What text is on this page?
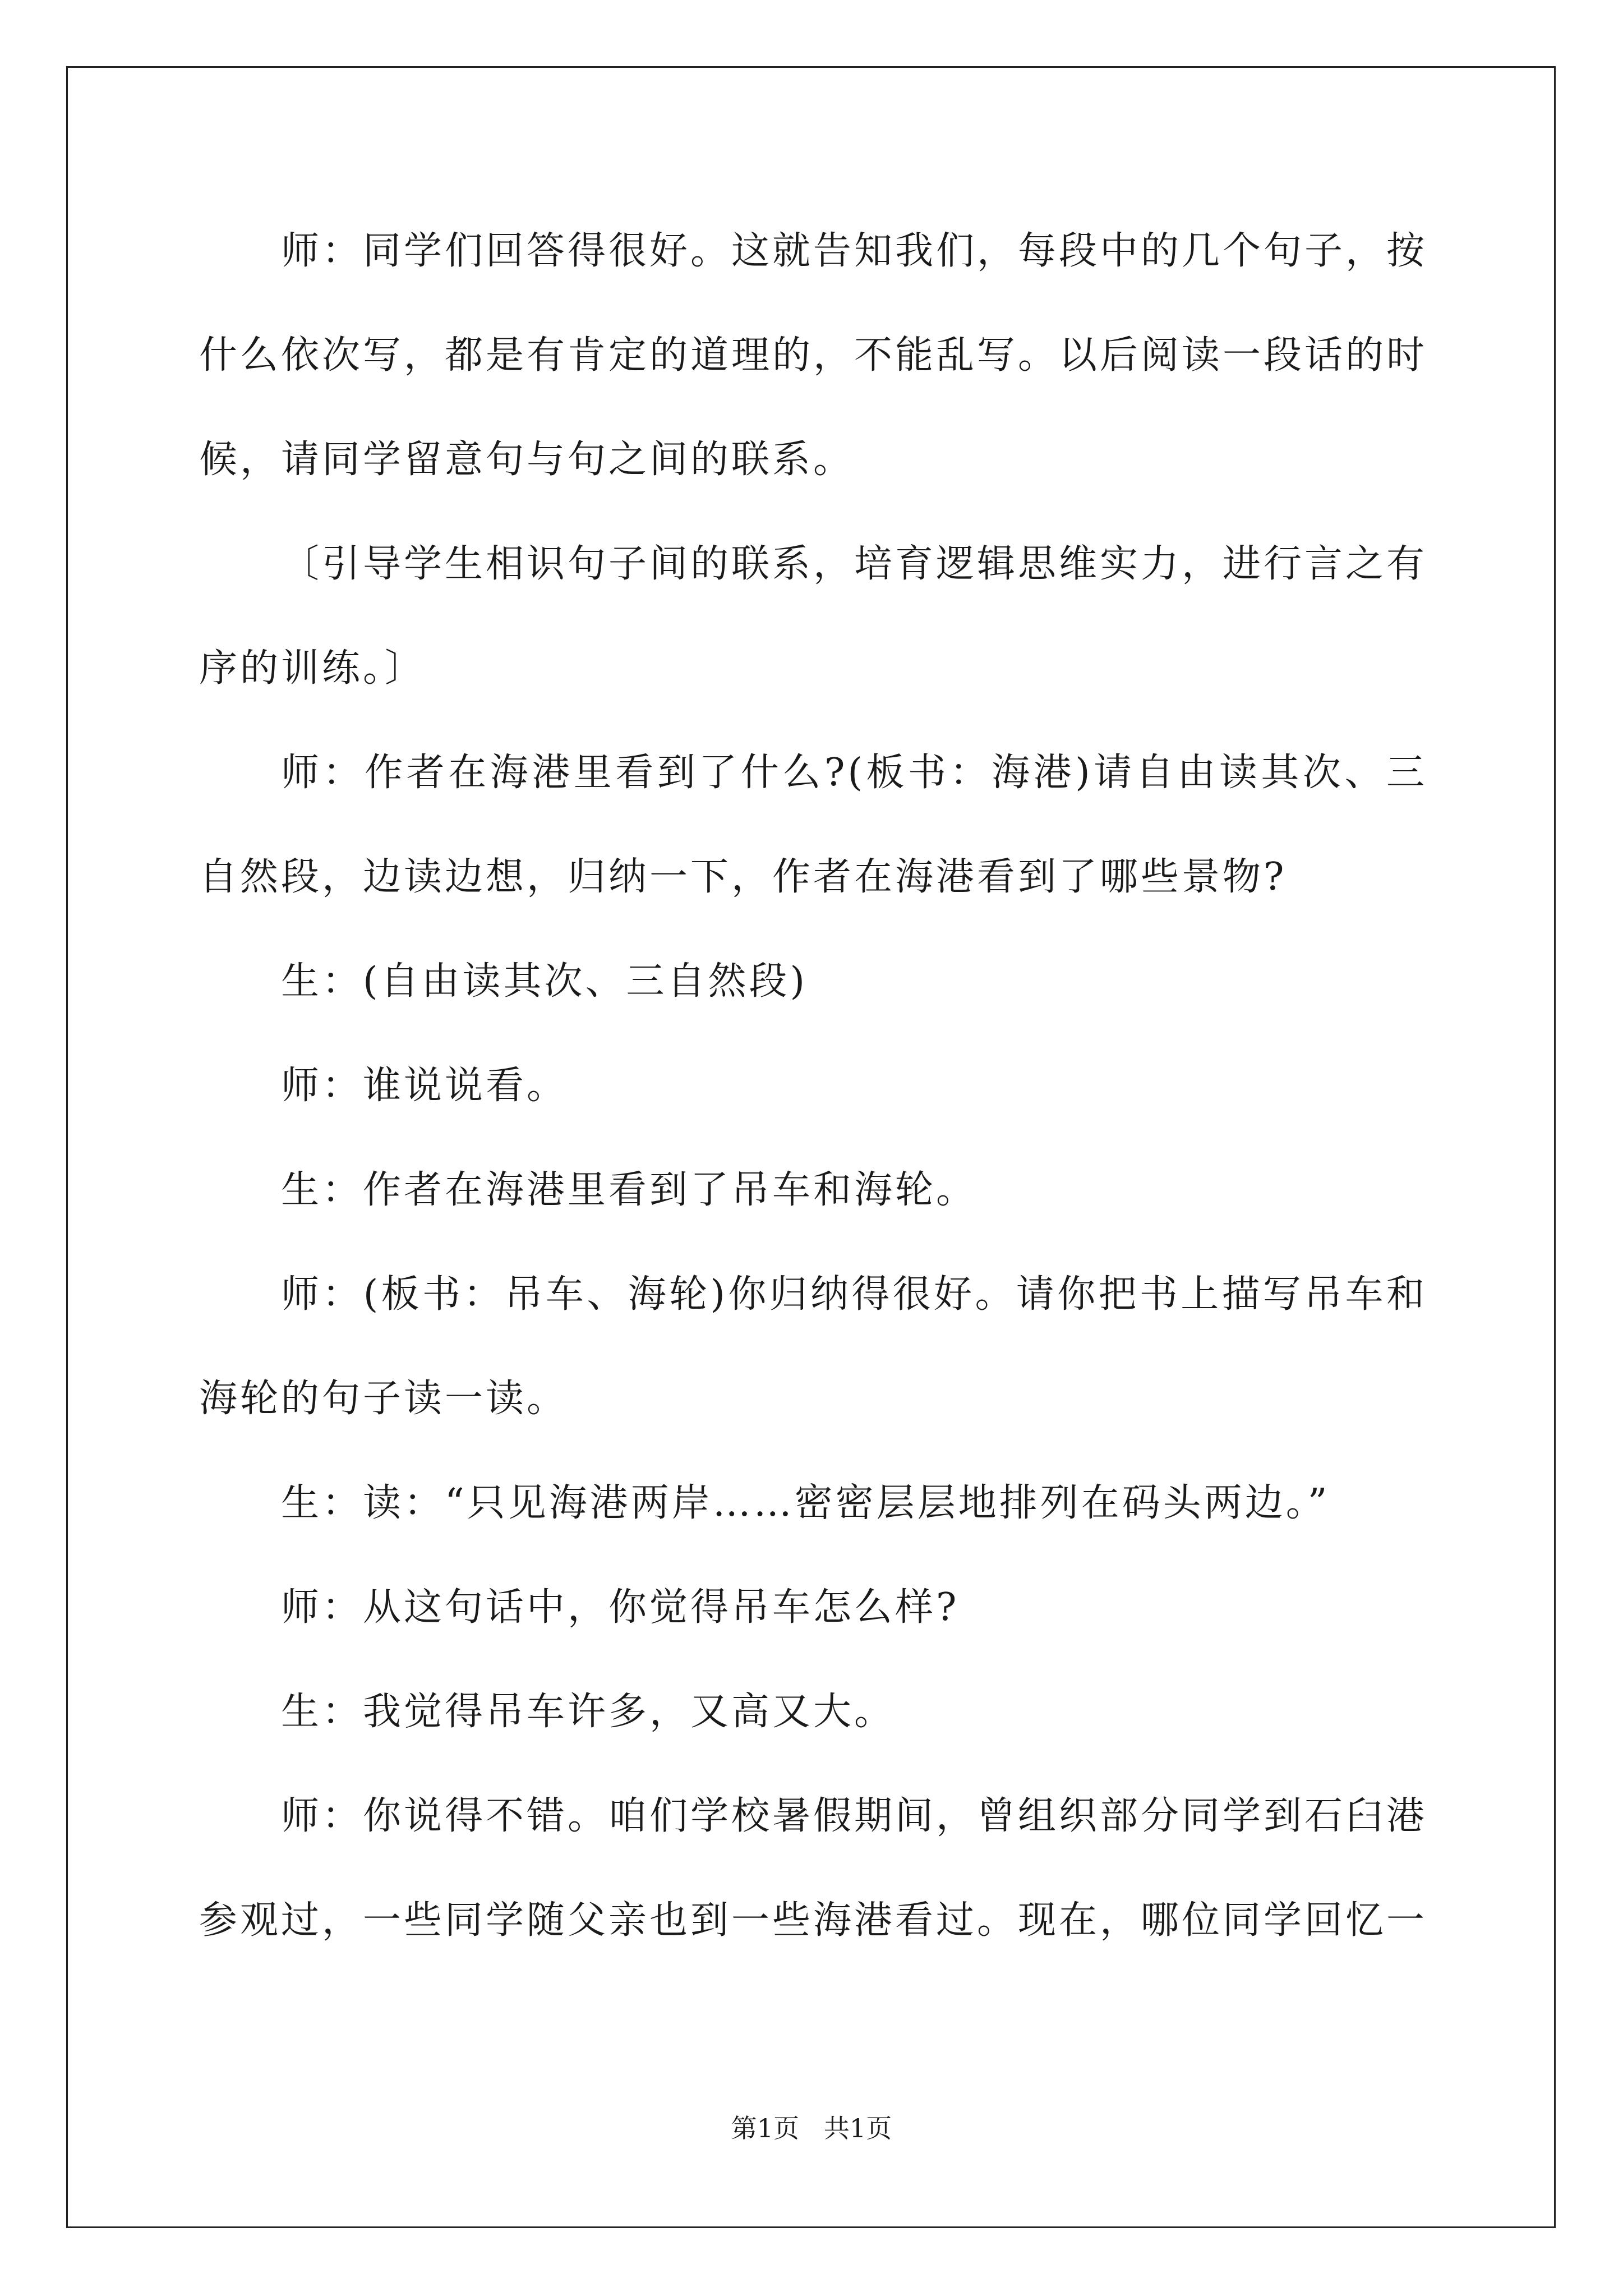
师：同学们回答得很好。这就告知我们，每段中的几个句子，按什么依次写，都是有肯定的道理的，不能乱写。以后阅读一段话的时候，请同学留意句与句之间的联系。

〔引导学生相识句子间的联系，培育逻辑思维实力，进行言之有序的训练。〕

师：作者在海港里看到了什么?(板书：海港)请自由读其次、三自然段，边读边想，归纳一下，作者在海港看到了哪些景物?

生：(自由读其次、三自然段)

师：谁说说看。

生：作者在海港里看到了吊车和海轮。

师：(板书：吊车、海轮)你归纳得很好。请你把书上描写吊车和海轮的句子读一读。

生：读：“只见海港两岸……密密层层地排列在码头两边。”

师：从这句话中，你觉得吊车怎么样?

生：我觉得吊车许多，又高又大。

师：你说得不错。咱们学校暑假期间，曾组织部分同学到石臼港参观过，一些同学随父亲也到一些海港看过。现在，哪位同学回忆一

第1页   共1页
